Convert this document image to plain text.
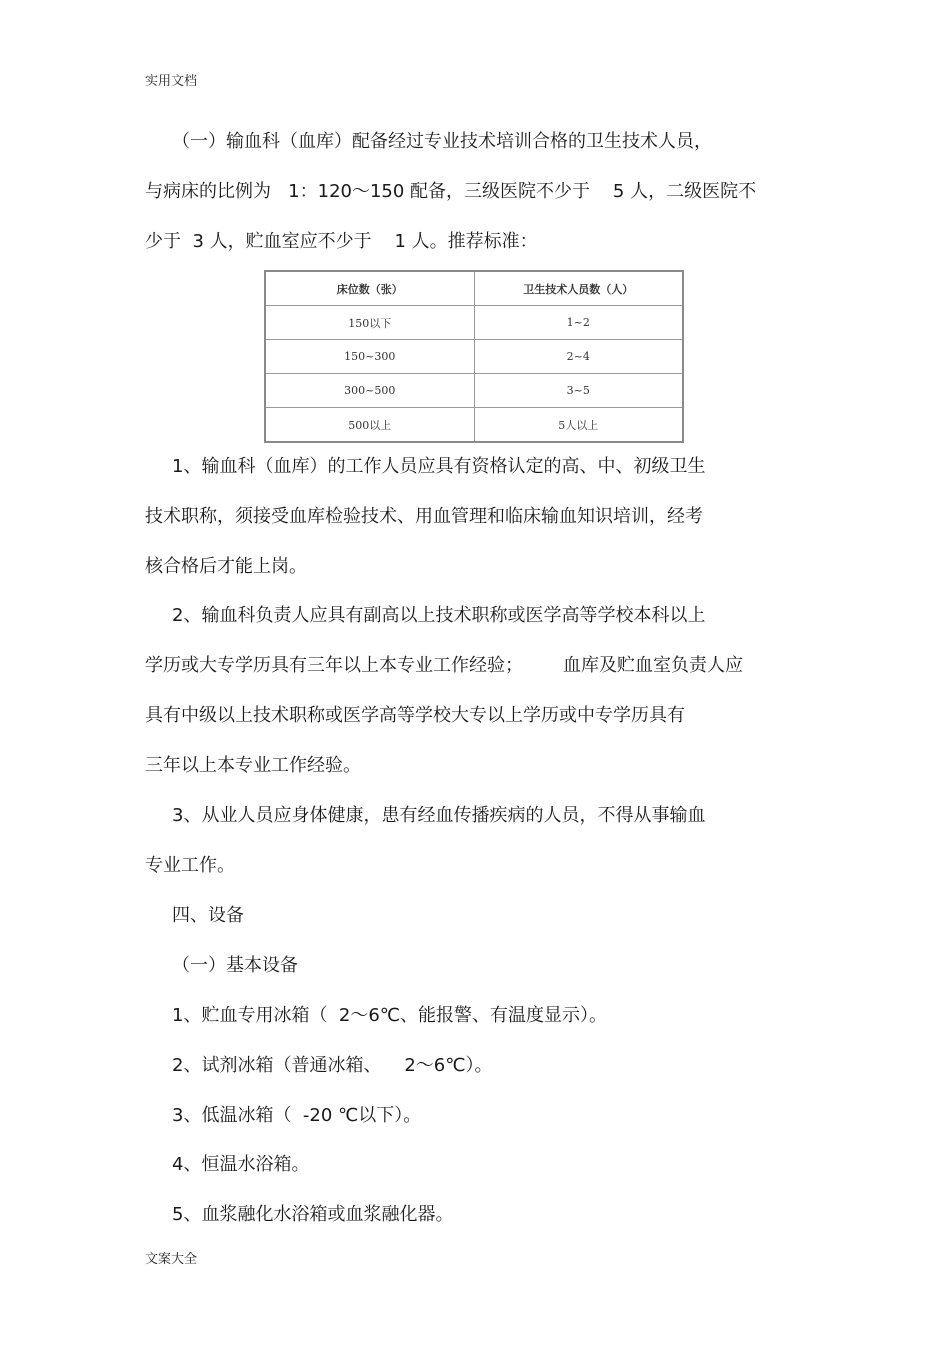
实用文档
（一）输血科（血库）配备经过专业技术培训合格的卫生技术人员，
与病床的比例为   1：120～150 配备，三级医院不少于    5 人，二级医院不
少于  3 人，贮血室应不少于    1 人。推荐标准：
床位数（张）	卫生技术人员数（人）
150以下	1~2
150~300	2~4
300~500	3~5
500以上	5人以上
1、输血科（血库）的工作人员应具有资格认定的高、中、初级卫生
技术职称，须接受血库检验技术、用血管理和临床输血知识培训，经考
核合格后才能上岗。
2、输血科负责人应具有副高以上技术职称或医学高等学校本科以上
学历或大专学历具有三年以上本专业工作经验；       血库及贮血室负责人应
具有中级以上技术职称或医学高等学校大专以上学历或中专学历具有
三年以上本专业工作经验。
3、从业人员应身体健康，患有经血传播疾病的人员，不得从事输血
专业工作。
四、设备
（一）基本设备
1、贮血专用冰箱（  2～6℃、能报警、有温度显示）。
2、试剂冰箱（普通冰箱、    2～6℃）。
3、低温冰箱（  -20 ℃以下）。
4、恒温水浴箱。
5、血浆融化水浴箱或血浆融化器。
文案大全
